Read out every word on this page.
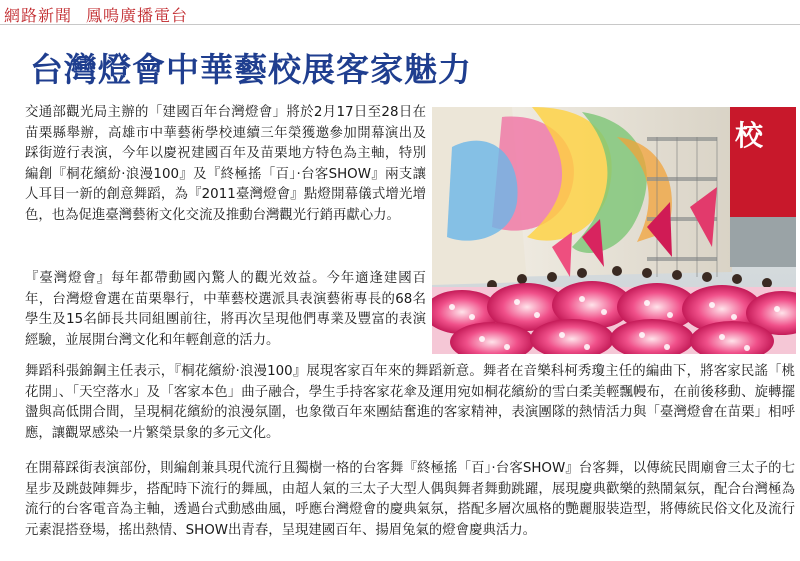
網路新聞 鳳鳴廣播電台
台灣燈會中華藝校展客家魅力

交通部觀光局主辦的「建國百年台灣燈會」將於2月17日至28日在苗栗縣舉辦，高雄市中華藝術學校連續三年榮獲邀參加開幕演出及踩街遊行表演，今年以慶祝建國百年及苗栗地方特色為主軸，特別編創『桐花繽紛‧浪漫100』及『終極搖「百」‧台客SHOW』兩支讓人耳目一新的創意舞蹈，為『2011臺灣燈會』點燈開幕儀式增光增色，也為促進臺灣藝術文化交流及推動台灣觀光行銷再獻心力。

『臺灣燈會』每年都帶動國內驚人的觀光效益。今年適逢建國百年，台灣燈會選在苗栗舉行，中華藝校選派具表演藝術專長的68名學生及15名師長共同組團前往，將再次呈現他們專業及豐富的表演經驗，並展開台灣文化和年輕創意的活力。

舞蹈科張錦鋼主任表示，『桐花繽紛‧浪漫100』展現客家百年來的舞蹈新意。舞者在音樂科柯秀瓊主任的編曲下，將客家民謠「桃花開」、「天空落水」及「客家本色」曲子融合，學生手持客家花傘及運用宛如桐花繽紛的雪白柔美輕飄幔布，在前後移動、旋轉擺盪與高低開合間，呈現桐花繽紛的浪漫氛圍，也象徵百年來團結奮進的客家精神，表演團隊的熱情活力與「臺灣燈會在苗栗」相呼應，讓觀眾感染一片繁榮景象的多元文化。

在開幕踩街表演部份，則編創兼具現代流行且獨樹一格的台客舞『終極搖「百」‧台客SHOW』台客舞，以傳統民間廟會三太子的七星步及跳鼓陣舞步，搭配時下流行的舞風，由超人氣的三太子大型人偶與舞者舞動跳躍，展現慶典歡樂的熱鬧氣氛，配合台灣極為流行的台客電音為主軸，透過台式動感曲風，呼應台灣燈會的慶典氣氛，搭配多層次風格的艷麗服裝造型，將傳統民俗文化及流行元素混搭登場，搖出熱情、SHOW出青春，呈現建國百年、揚眉兔氣的燈會慶典活力。

校
